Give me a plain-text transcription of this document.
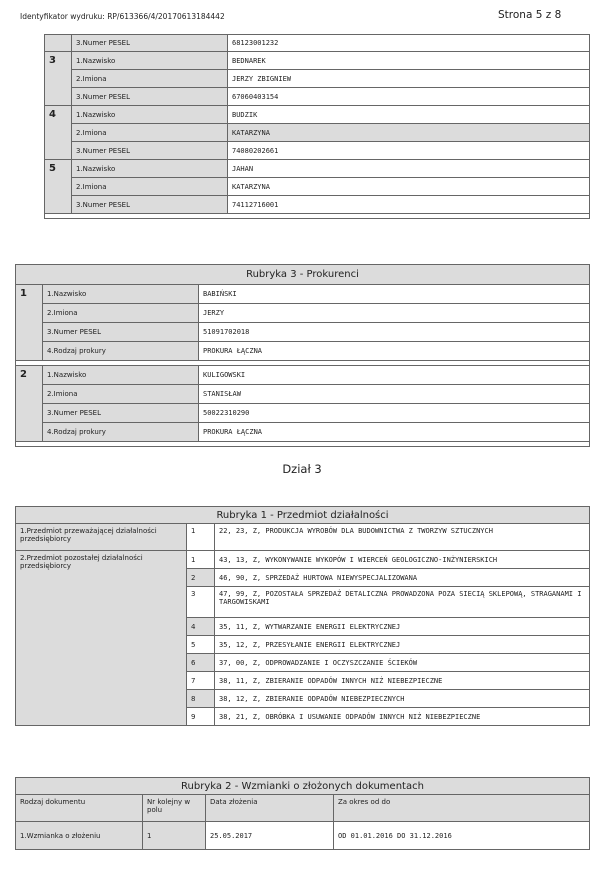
Identyfikator wydruku: RP/613366/4/20170613184442	Strona 5 z 8
	3.Numer PESEL	68123001232
3	1.Nazwisko	BEDNAREK
	2.Imiona	JERZY ZBIGNIEW
	3.Numer PESEL	67060403154
4	1.Nazwisko	BUDZIK
	2.Imiona	KATARZYNA
	3.Numer PESEL	74080202661
5	1.Nazwisko	JAHAN
	2.Imiona	KATARZYNA
	3.Numer PESEL	74112716001

Rubryka 3 - Prokurenci		
1	1.Nazwisko	BABIŃSKI
	2.Imiona	JERZY
	3.Numer PESEL	51091702018
	4.Rodzaj prokury	PROKURA ŁĄCZNA

2	1.Nazwisko	KULIGOWSKI
	2.Imiona	STANISŁAW
	3.Numer PESEL	50022310290
	4.Rodzaj prokury	PROKURA ŁĄCZNA

Dział 3
Rubryka 1 - Przedmiot działalności		
1.Przedmiot przeważającej działalności przedsiębiorcy	1	22, 23, Z, PRODUKCJA WYROBÓW DLA BUDOWNICTWA Z TWORZYW SZTUCZNYCH
2.Przedmiot pozostałej działalności przedsiębiorcy	1	43, 13, Z, WYKONYWANIE WYKOPÓW I WIERCEŃ GEOLOGICZNO-INŻYNIERSKICH
	2	46, 90, Z, SPRZEDAŻ HURTOWA NIEWYSPECJALIZOWANA
	3	47, 99, Z, POZOSTAŁA SPRZEDAŻ DETALICZNA PROWADZONA POZA SIECIĄ SKLEPOWĄ, STRAGANAMI I TARGOWISKAMI
	4	35, 11, Z, WYTWARZANIE ENERGII ELEKTRYCZNEJ
	5	35, 12, Z, PRZESYŁANIE ENERGII ELEKTRYCZNEJ
	6	37, 00, Z, ODPROWADZANIE I OCZYSZCZANIE ŚCIEKÓW
	7	38, 11, Z, ZBIERANIE ODPADÓW INNYCH NIŻ NIEBEZPIECZNE
	8	38, 12, Z, ZBIERANIE ODPADÓW NIEBEZPIECZNYCH
	9	38, 21, Z, OBRÓBKA I USUWANIE ODPADÓW INNYCH NIŻ NIEBEZPIECZNE
Rubryka 2 - Wzmianki o złożonych dokumentach			
Rodzaj dokumentu	Nr kolejny w polu	Data złożenia	Za okres od do
1.Wzmianka o złożeniu	1	25.05.2017	OD 01.01.2016 DO 31.12.2016
